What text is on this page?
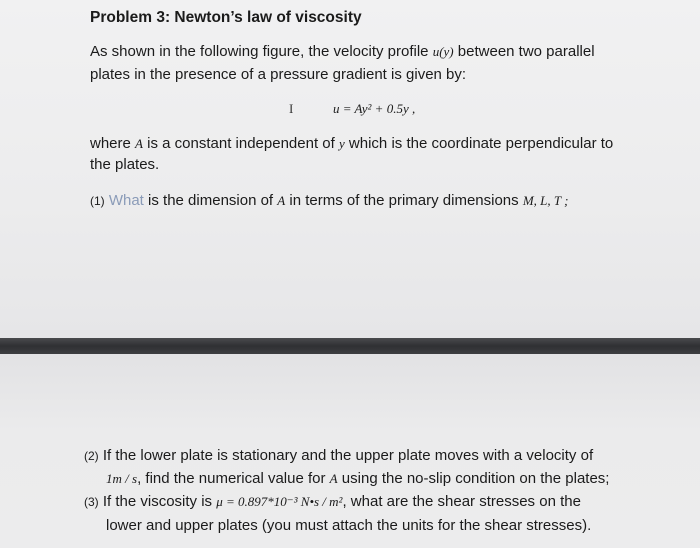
Problem 3: Newton’s law of viscosity
As shown in the following figure, the velocity profile u(y) between two parallel
plates in the presence of a pressure gradient is given by:
I	u = Ay² + 0.5y ,
where A is a constant independent of y which is the coordinate perpendicular to
the plates.
(1) What is the dimension of A in terms of the primary dimensions M, L, T ;
(2) If the lower plate is stationary and the upper plate moves with a velocity of
1m / s, find the numerical value for A using the no-slip condition on the plates;
(3) If the viscosity is μ = 0.897*10⁻³ N•s / m², what are the shear stresses on the
lower and upper plates (you must attach the units for the shear stresses).
